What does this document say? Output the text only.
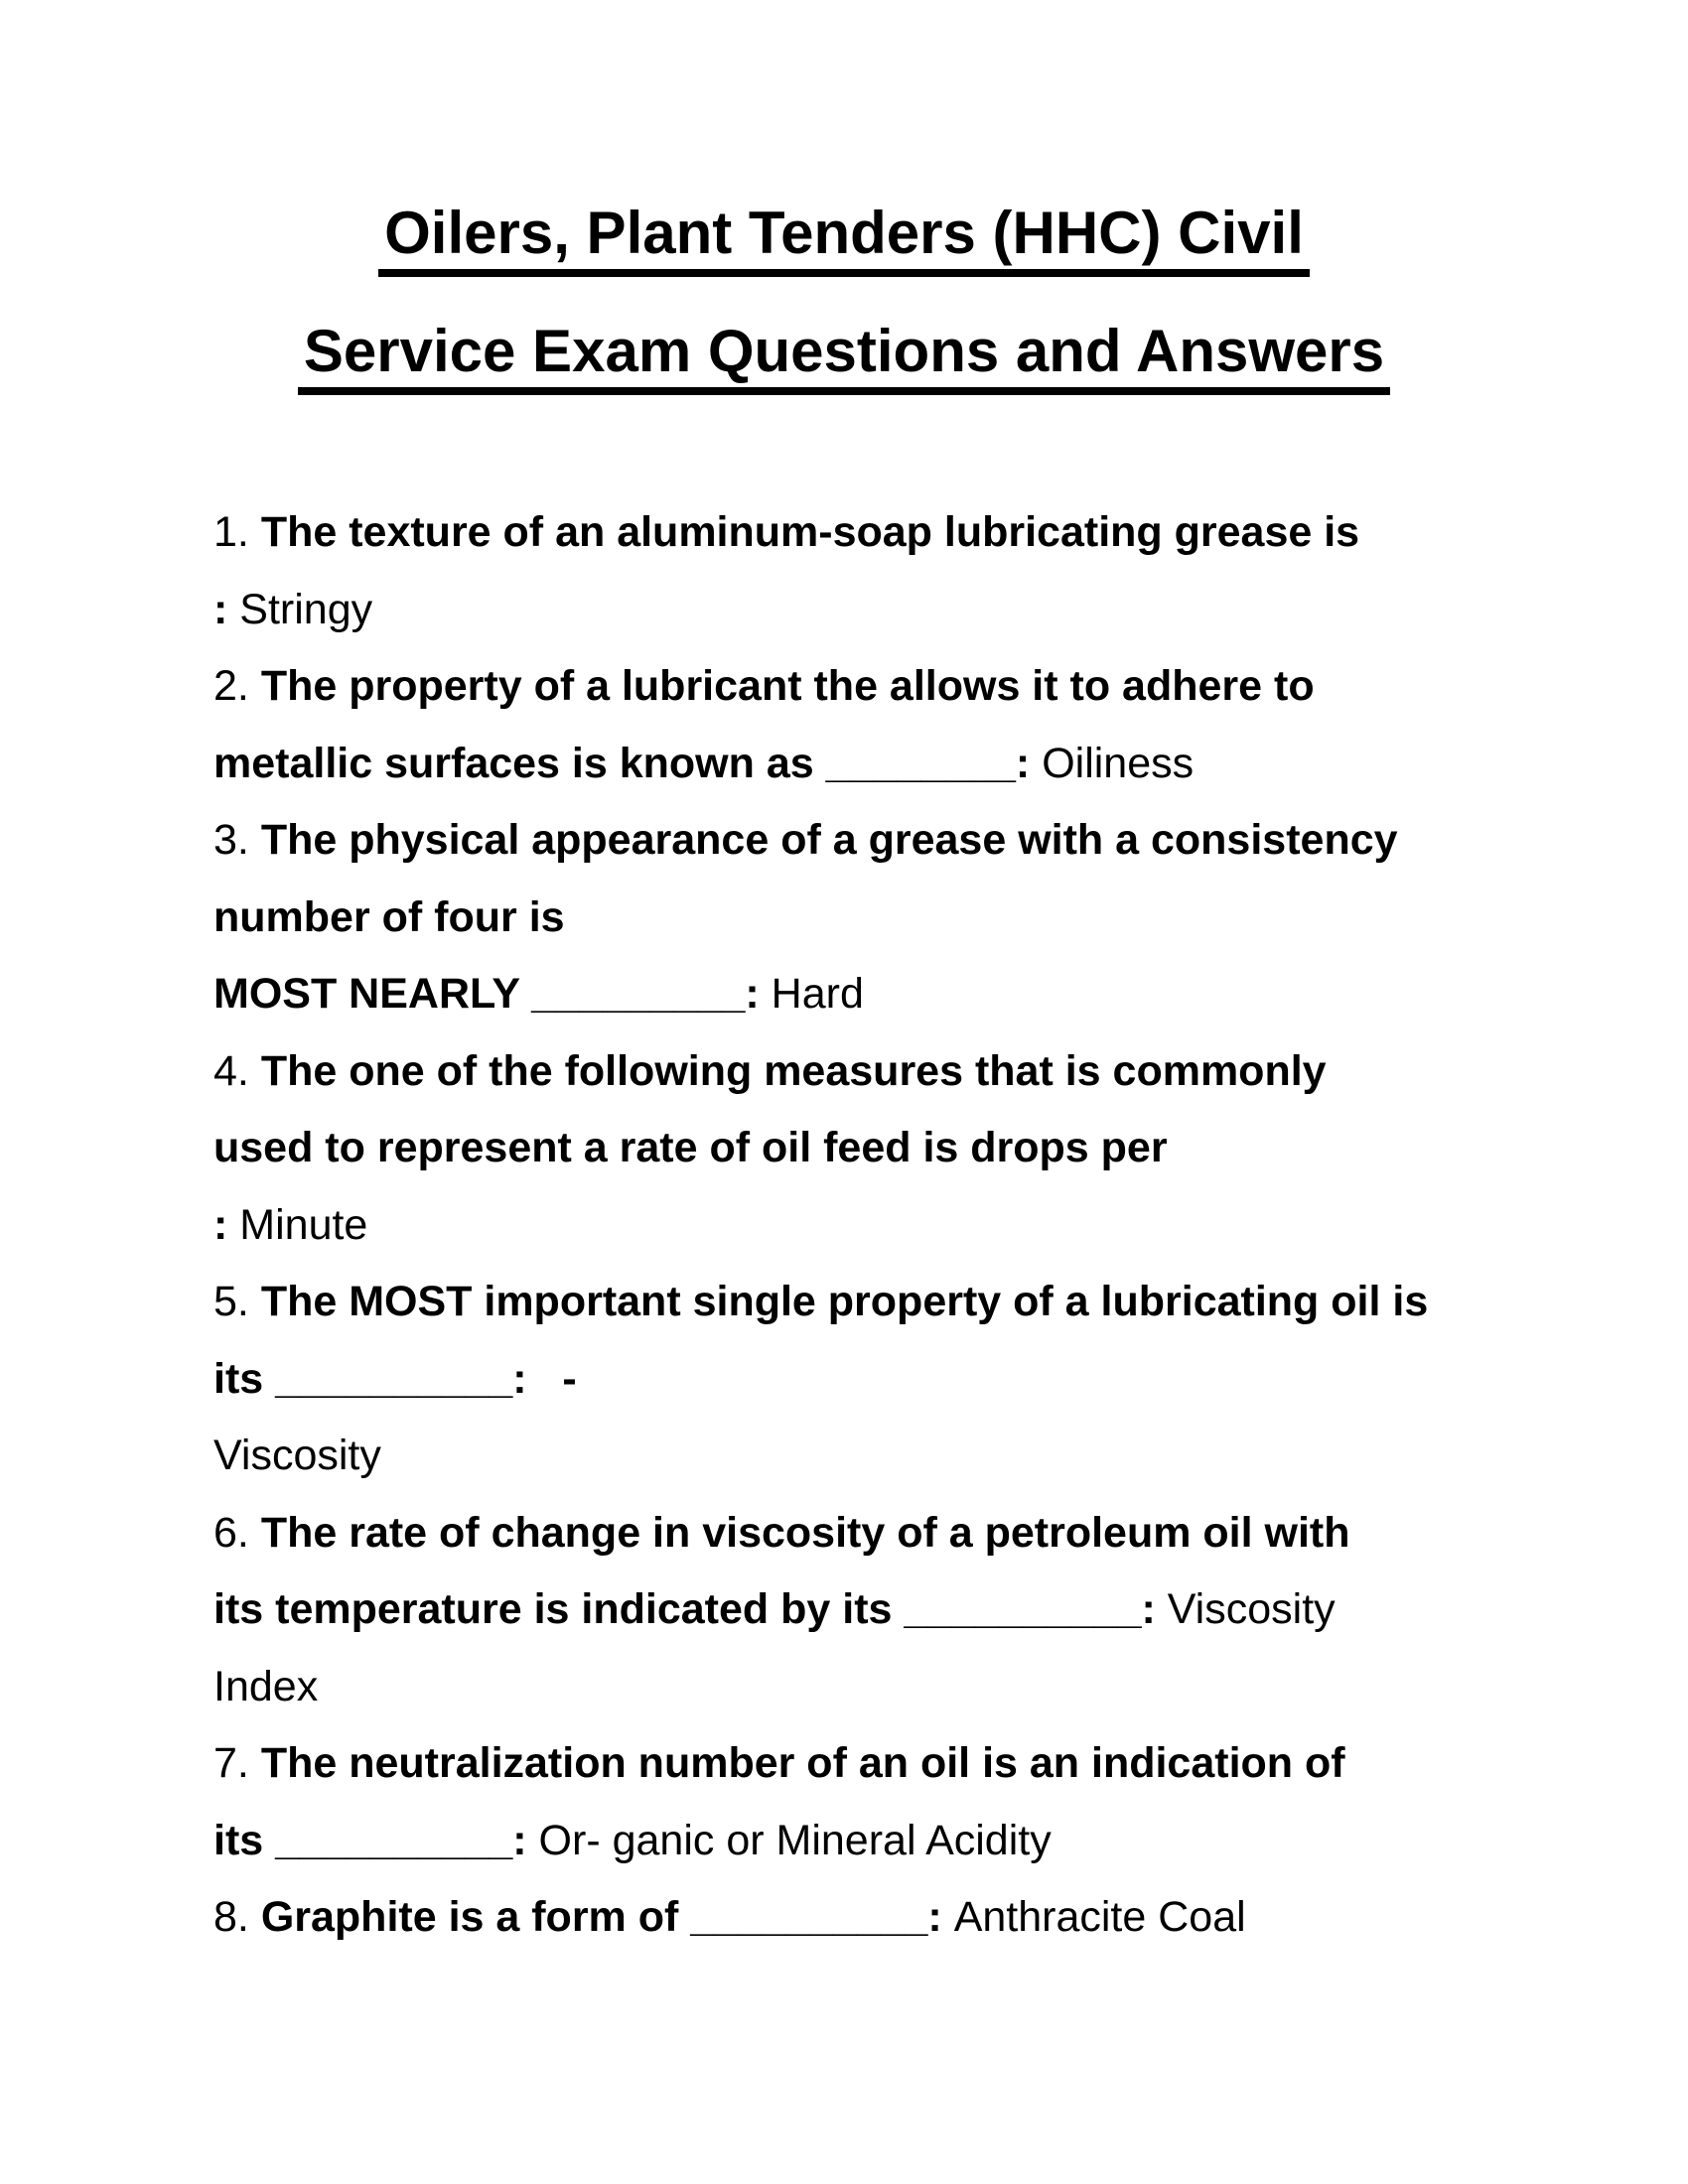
Oilers, Plant Tenders (HHC) Civil
Service Exam Questions and Answers
1. The texture of an aluminum-soap lubricating grease is
: Stringy
2. The property of a lubricant the allows it to adhere to
metallic surfaces is known as ________: Oiliness
3. The physical appearance of a grease with a consistency
number of four is
MOST NEARLY _________: Hard
4. The one of the following measures that is commonly
used to represent a rate of oil feed is drops per
: Minute
5. The MOST important single property of a lubricating oil is
its __________:   -
Viscosity
6. The rate of change in viscosity of a petroleum oil with
its temperature is indicated by its __________: Viscosity
Index
7. The neutralization number of an oil is an indication of
its __________: Or- ganic or Mineral Acidity
8. Graphite is a form of __________: Anthracite Coal
